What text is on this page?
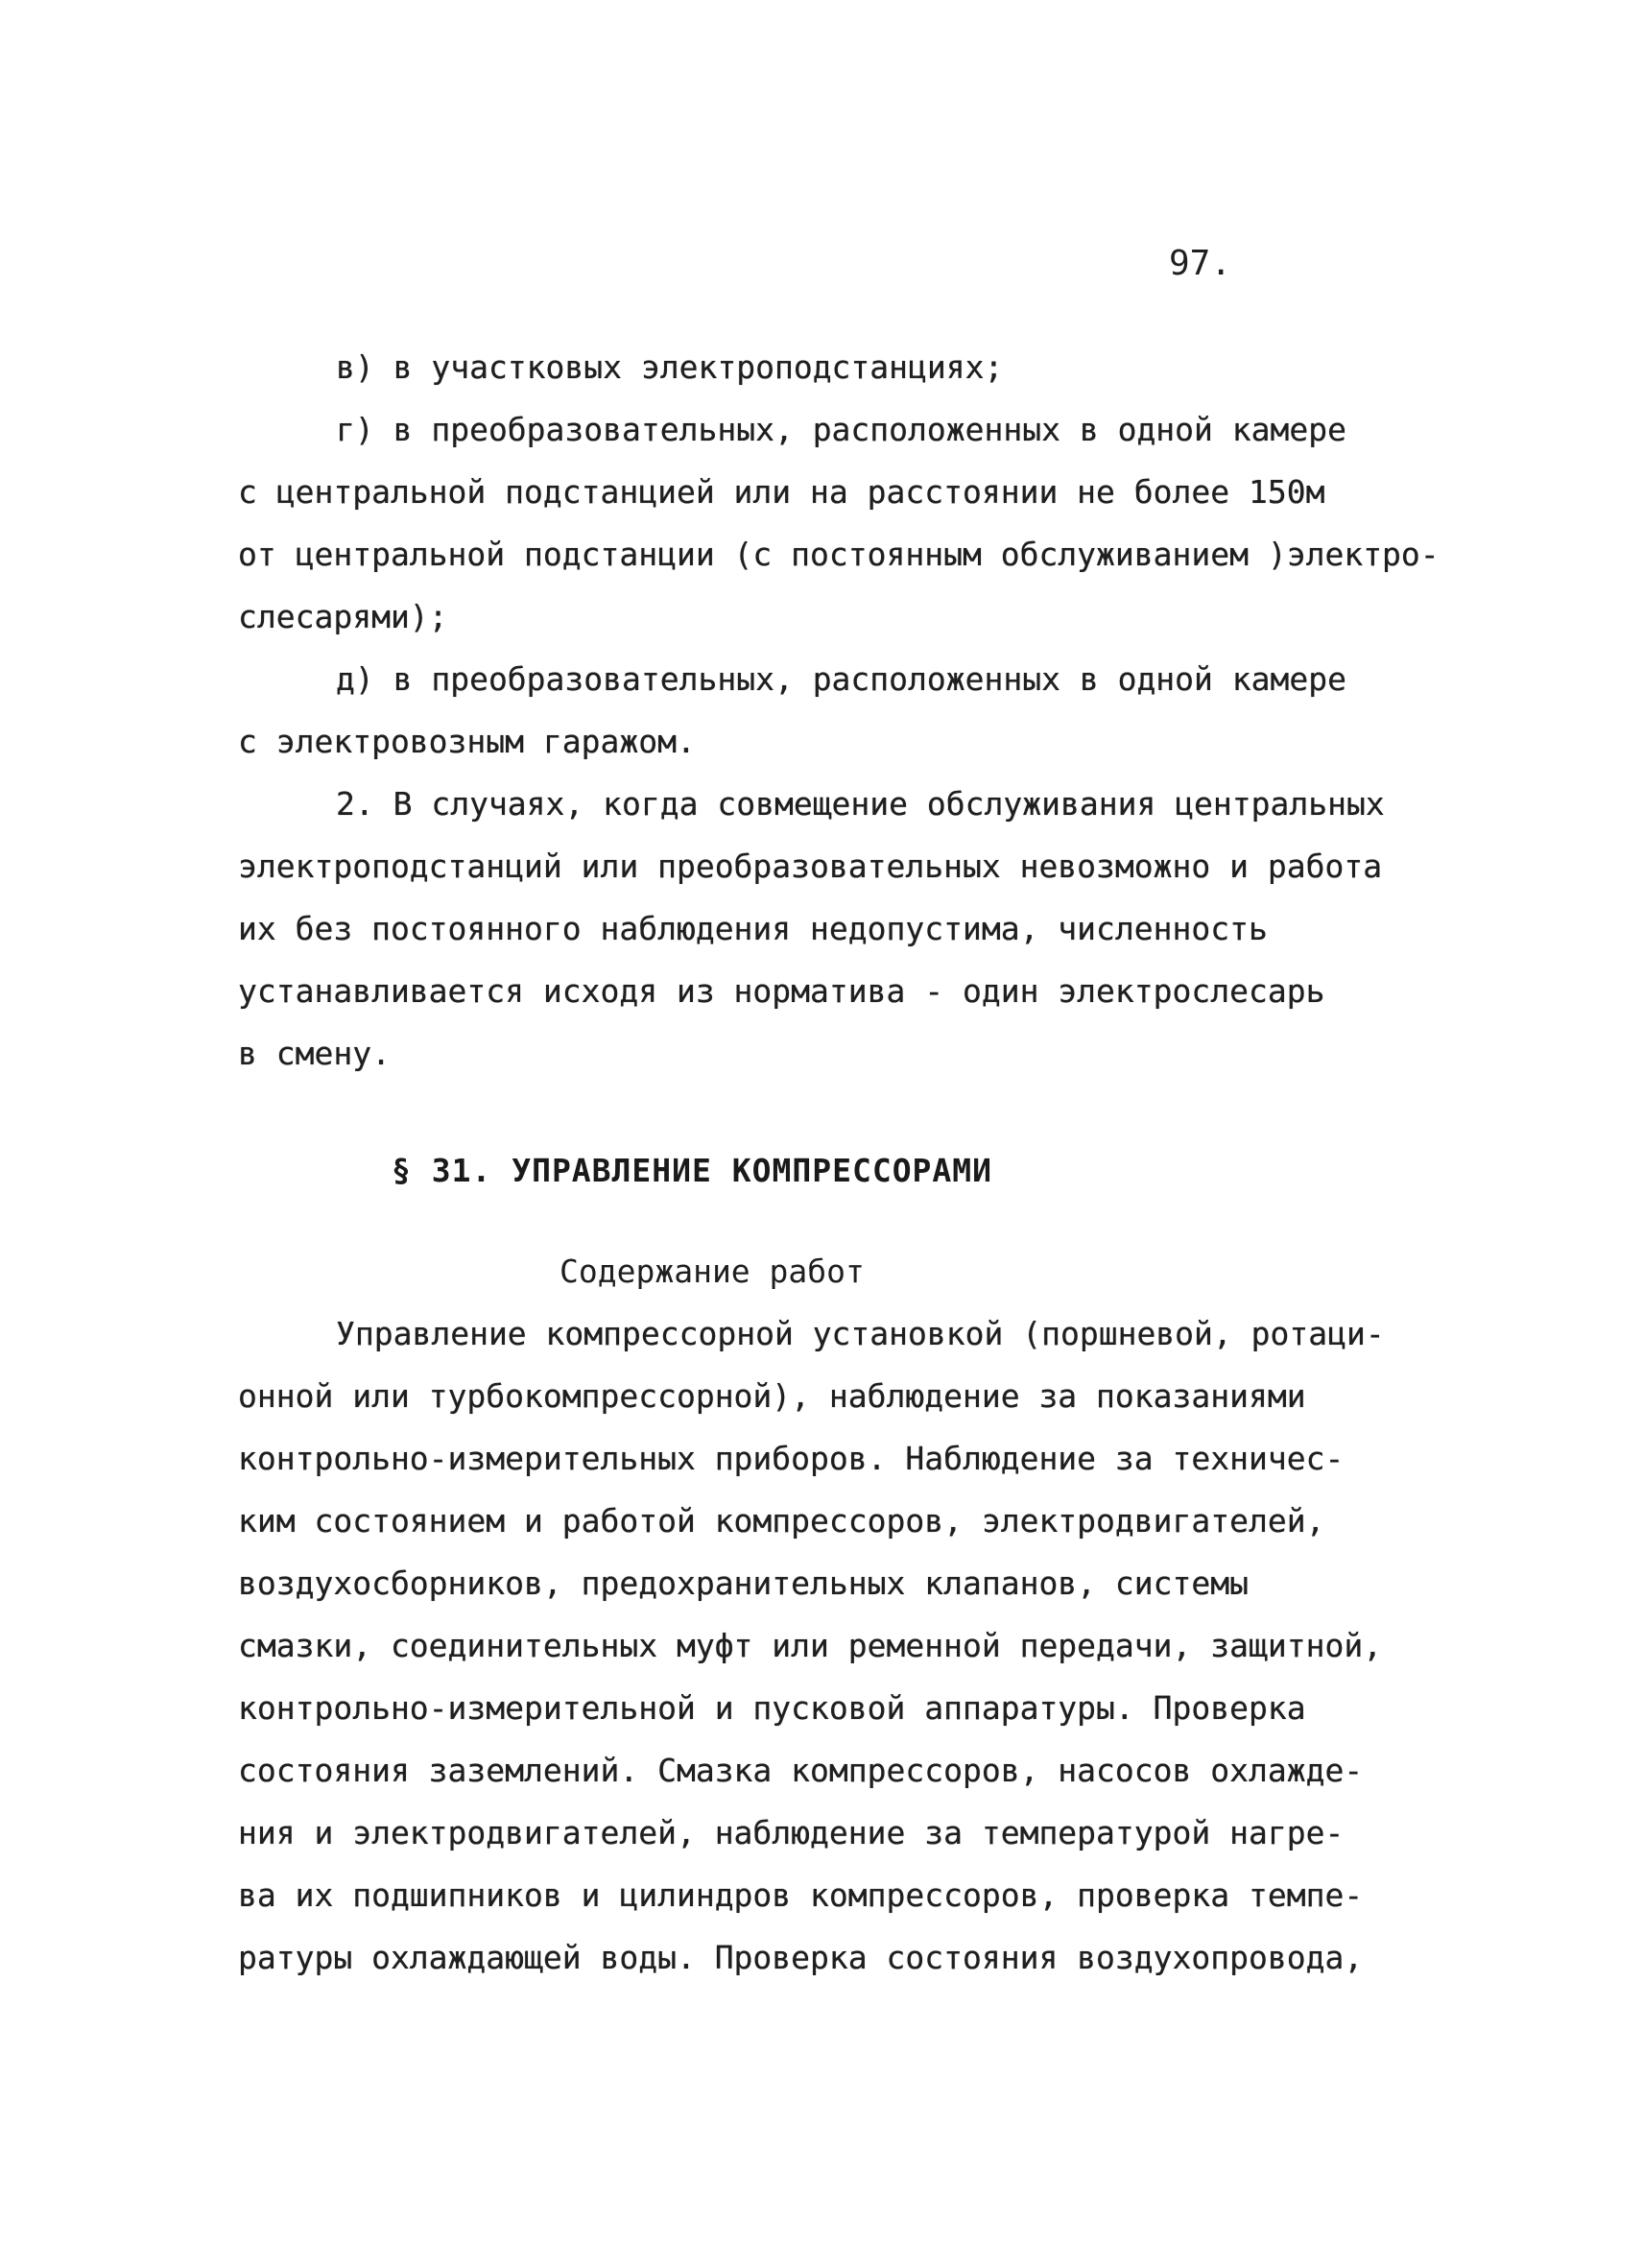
97.
в) в участковых электроподстанциях;
г) в преобразовательных, расположенных в одной камере
с центральной подстанцией или на расстоянии не более 150м
от центральной подстанции (с постоянным обслуживанием )электро-
слесарями);
д) в преобразовательных, расположенных в одной камере
с электровозным гаражом.
2. В случаях, когда совмещение обслуживания центральных
электроподстанций или преобразовательных невозможно и работа
их без постоянного наблюдения недопустима, численность
устанавливается исходя из норматива - один электрослесарь
в смену.
§ 31. УПРАВЛЕНИЕ КОМПРЕССОРАМИ
Содержание работ
Управление компрессорной установкой (поршневой, ротаци-
онной или турбокомпрессорной), наблюдение за показаниями
контрольно-измерительных приборов. Наблюдение за техничес-
ким состоянием и работой компрессоров, электродвигателей,
воздухосборников, предохранительных клапанов, системы
смазки, соединительных муфт или ременной передачи, защитной,
контрольно-измерительной и пусковой аппаратуры. Проверка
состояния заземлений. Смазка компрессоров, насосов охлажде-
ния и электродвигателей, наблюдение за температурой нагре-
ва их подшипников и цилиндров компрессоров, проверка темпе-
ратуры охлаждающей воды. Проверка состояния воздухопровода,
